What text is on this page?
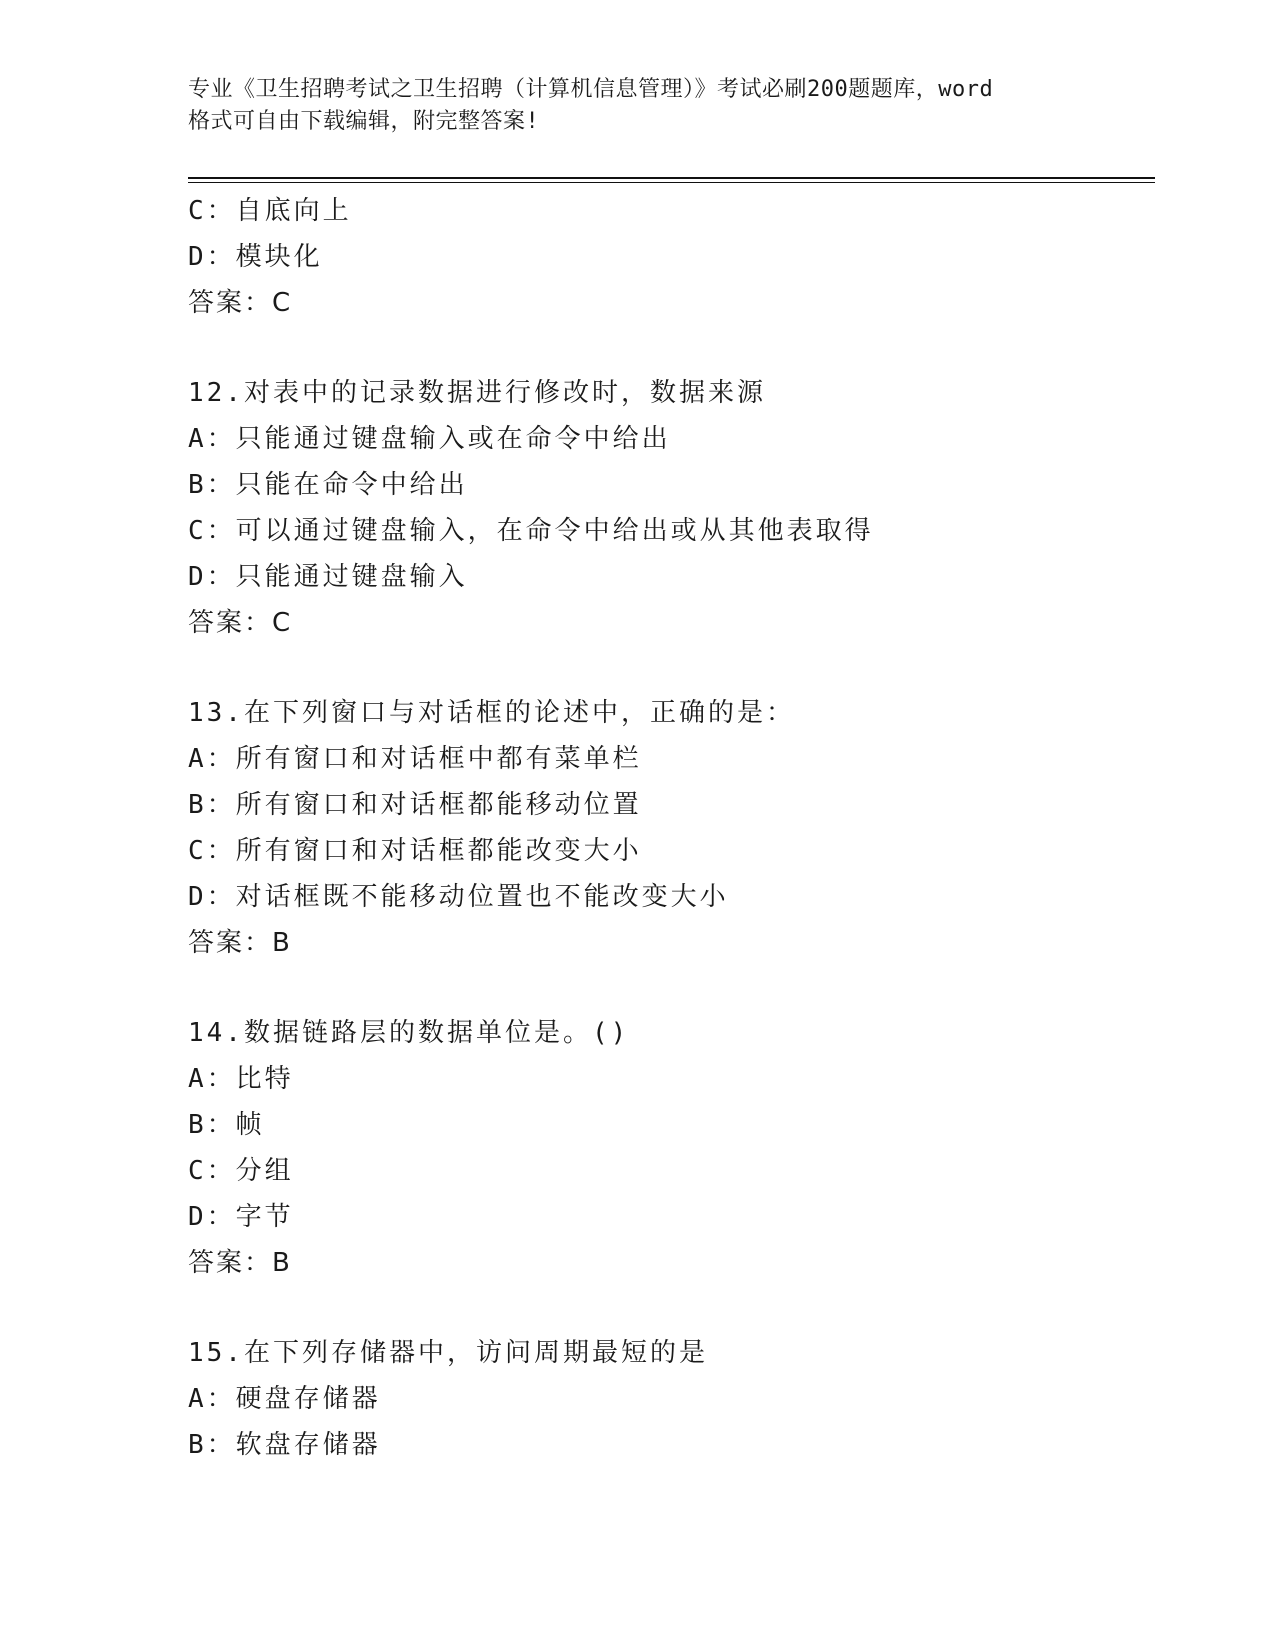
专业《卫生招聘考试之卫生招聘（计算机信息管理）》考试必刷200题题库，word
格式可自由下载编辑，附完整答案!
C：自底向上
D：模块化
答案：C
12.对表中的记录数据进行修改时，数据来源
A：只能通过键盘输入或在命令中给出
B：只能在命令中给出
C：可以通过键盘输入，在命令中给出或从其他表取得
D：只能通过键盘输入
答案：C
13.在下列窗口与对话框的论述中，正确的是：
A：所有窗口和对话框中都有菜单栏
B：所有窗口和对话框都能移动位置
C：所有窗口和对话框都能改变大小
D：对话框既不能移动位置也不能改变大小
答案：B
14.数据链路层的数据单位是。()
A：比特
B：帧
C：分组
D：字节
答案：B
15.在下列存储器中，访问周期最短的是
A：硬盘存储器
B：软盘存储器
